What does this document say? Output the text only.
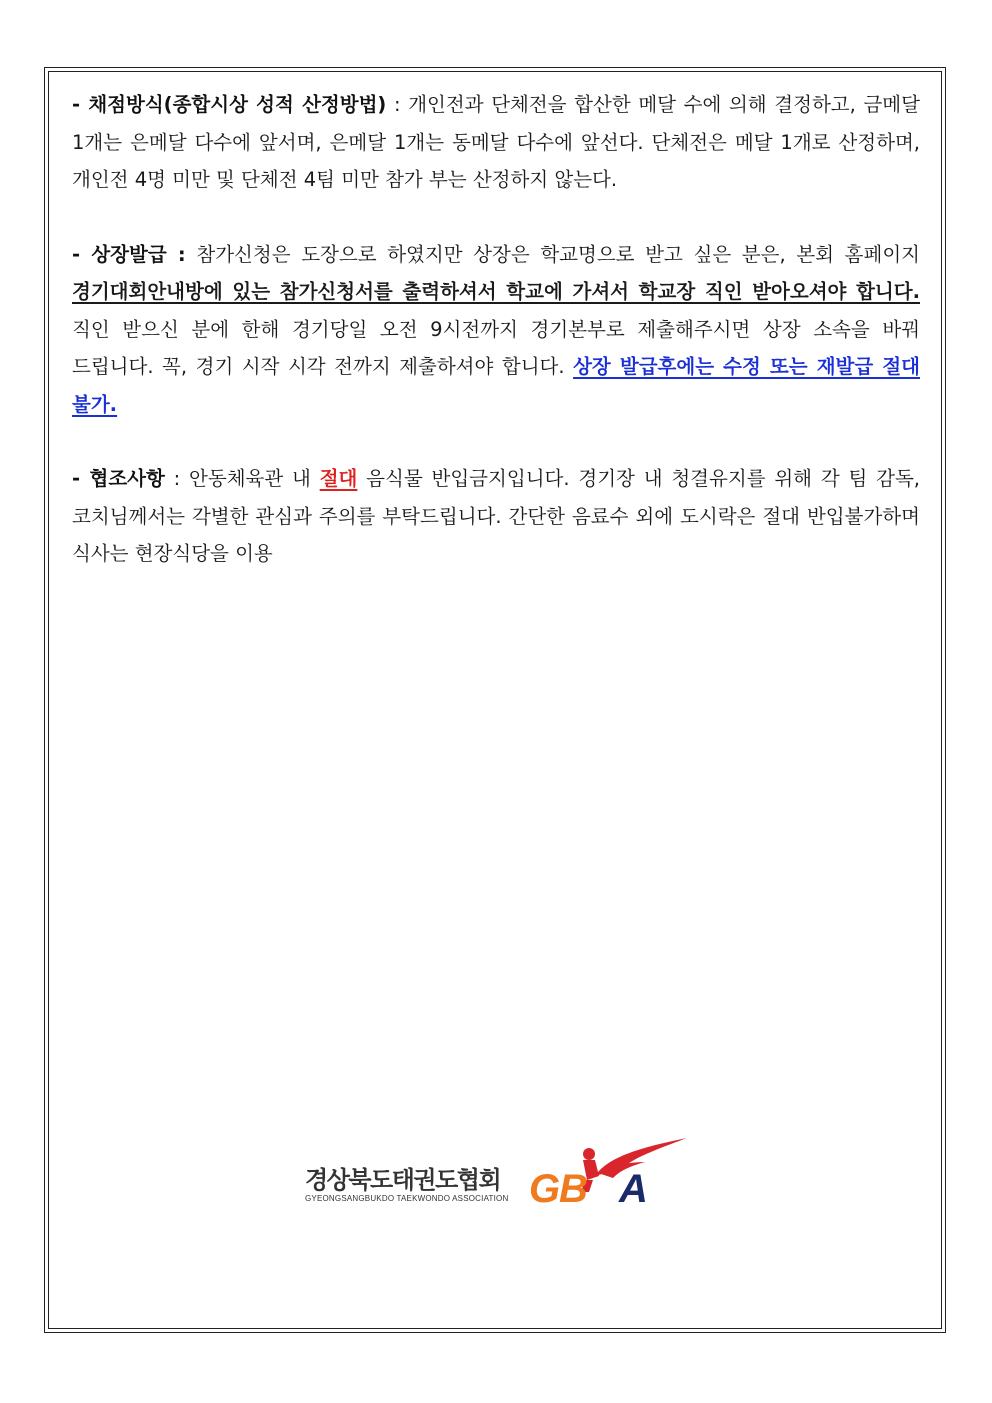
- 채점방식(종합시상 성적 산정방법) : 개인전과 단체전을 합산한 메달 수에 의해 결정하고, 금메달 1개는 은메달 다수에 앞서며, 은메달 1개는 동메달 다수에 앞선다. 단체전은 메달 1개로 산정하며, 개인전 4명 미만 및 단체전 4팀 미만 참가 부는 산정하지 않는다.

- 상장발급 : 참가신청은 도장으로 하였지만 상장은 학교명으로 받고 싶은 분은, 본회 홈페이지 경기대회안내방에 있는 참가신청서를 출력하셔서 학교에 가셔서 학교장 직인 받아오셔야 합니다. 직인 받으신 분에 한해 경기당일 오전 9시전까지 경기본부로 제출해주시면 상장 소속을 바꿔 드립니다. 꼭, 경기 시작 시각 전까지 제출하셔야 합니다. 상장 발급후에는 수정 또는 재발급 절대 불가.

- 협조사항 : 안동체육관 내 절대 음식물 반입금지입니다. 경기장 내 청결유지를 위해 각 팀 감독, 코치님께서는 각별한 관심과 주의를 부탁드립니다. 간단한 음료수 외에 도시락은 절대 반입불가하며 식사는 현장식당을 이용

경상북도태권도협회
GYEONGSANGBUKDO TAEKWONDO ASSOCIATION G
B A
